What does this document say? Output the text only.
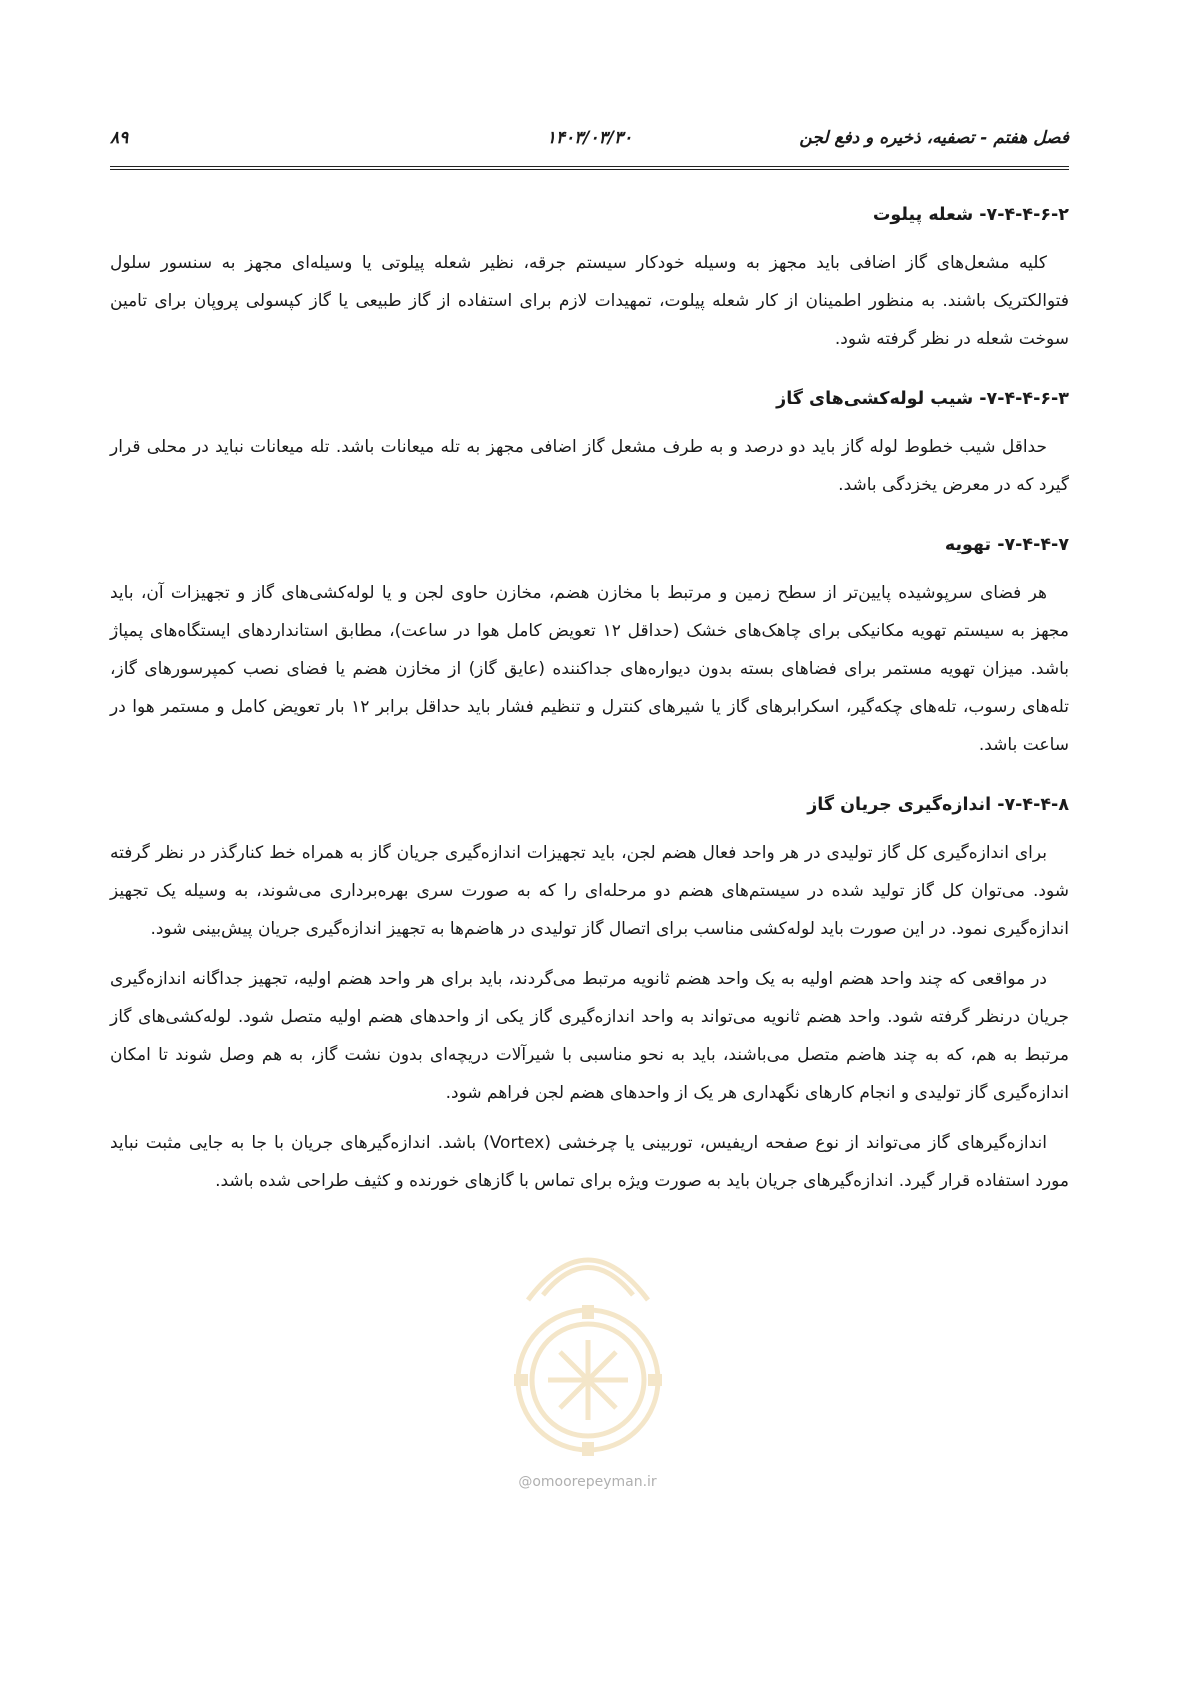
فصل هفتم - تصفیه، ذخیره و دفع لجن
۱۴۰۳/۰۳/۳۰
۸۹
۷-۴-۴-۶-۲- شعله پیلوت

کلیه مشعل‌های گاز اضافی باید مجهز به وسیله خودکار سیستم جرقه، نظیر شعله پیلوتی یا وسیله‌ای مجهز به سنسور سلول فتوالکتریک باشند. به منظور اطمینان از کار شعله پیلوت، تمهیدات لازم برای استفاده از گاز طبیعی یا گاز کپسولی پروپان برای تامین سوخت شعله در نظر گرفته شود.

۷-۴-۴-۶-۳- شیب لوله‌کشی‌های گاز

حداقل شیب خطوط لوله گاز باید دو درصد و به طرف مشعل گاز اضافی مجهز به تله میعانات باشد. تله میعانات نباید در محلی قرار گیرد که در معرض یخزدگی باشد.

۷-۴-۴-۷- تهویه

هر فضای سرپوشیده پایین‌تر از سطح زمین و مرتبط با مخازن هضم، مخازن حاوی لجن و یا لوله‌کشی‌های گاز و تجهیزات آن، باید مجهز به سیستم تهویه مکانیکی برای چاهک‌های خشک (حداقل ۱۲ تعویض کامل هوا در ساعت)، مطابق استانداردهای ایستگاه‌های پمپاژ باشد. میزان تهویه مستمر برای فضاهای بسته بدون دیواره‌های جداکننده (عایق گاز) از مخازن هضم یا فضای نصب کمپرسورهای گاز، تله‌های رسوب، تله‌های چکه‌گیر، اسکرابرهای گاز یا شیرهای کنترل و تنظیم فشار باید حداقل برابر ۱۲ بار تعویض کامل و مستمر هوا در ساعت باشد.

۷-۴-۴-۸- اندازه‌گیری جریان گاز

برای اندازه‌گیری کل گاز تولیدی در هر واحد فعال هضم لجن، باید تجهیزات اندازه‌گیری جریان گاز به همراه خط کنارگذر در نظر گرفته شود. می‌توان کل گاز تولید شده در سیستم‌های هضم دو مرحله‌ای را که به صورت سری بهره‌برداری می‌شوند، به وسیله یک تجهیز اندازه‌گیری نمود. در این صورت باید لوله‌کشی مناسب برای اتصال گاز تولیدی در هاضم‌ها به تجهیز اندازه‌گیری جریان پیش‌بینی شود.

در مواقعی که چند واحد هضم اولیه به یک واحد هضم ثانویه مرتبط می‌گردند، باید برای هر واحد هضم اولیه، تجهیز جداگانه اندازه‌گیری جریان درنظر گرفته شود. واحد هضم ثانویه می‌تواند به واحد اندازه‌گیری گاز یکی از واحدهای هضم اولیه متصل شود. لوله‌کشی‌های گاز مرتبط به هم، که به چند هاضم متصل می‌باشند، باید به نحو مناسبی با شیرآلات دریچه‌ای بدون نشت گاز، به هم وصل شوند تا امکان اندازه‌گیری گاز تولیدی و انجام کارهای نگهداری هر یک از واحدهای هضم لجن فراهم شود.

اندازه‌گیرهای گاز می‌تواند از نوع صفحه اریفیس، توربینی یا چرخشی (Vortex) باشد. اندازه‌گیرهای جریان با جا به جایی مثبت نباید مورد استفاده قرار گیرد. اندازه‌گیرهای جریان باید به صورت ویژه برای تماس با گازهای خورنده و کثیف طراحی شده باشد.

@omoorepeyman.ir
